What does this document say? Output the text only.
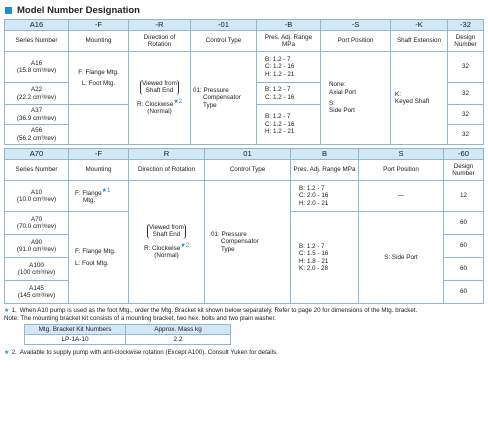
Model Number Designation
A16	-F	-R	-01	-B	-S	-K	-32
Series Number	Mounting	Direction of Rotation	Control Type	Pres. Adj. Range MPa	Port Position	Shaft Extension	Design Number

A16
(15.8 cm³/rev)	F: Flange Mtg.
L: Foot Mtg.	Viewed from
Shaft End
R: Clockwise$^{★2}$
(Normal)	01: Pressure
Compensator
Type	B: 1.2 - 7
C: 1.2 - 16
H: 1.2 - 21	None:
Axial Port
S:
Side Port	K:
Keyed Shaft	32

A22
(22.2 cm³/rev)				B: 1.2 - 7
C: 1.2 - 16			32

A37
(36.9 cm³/rev)				B: 1.2 - 7
C: 1.2 - 16
H: 1.2 - 21			32

A56
(56.2 cm³/rev)							32
A70	-F	R	01	B	S	-60
Series Number	Mounting	Direction of Rotation	Control Type	Pres. Adj. Range MPa	Port Position	Design Number

A10
(10.0 cm³/rev)	F: Flange$^{★1}$
Mtg.	Viewed from
Shaft End
R: Clockwise$^{★2}$
(Normal)	01: Pressure
Compensator
Type	B: 1.2 - 7
C: 2.0 - 16
H: 2.0 - 21	—	12

A70
(70.0 cm³/rev)	F: Flange Mtg.
L: Foot Mtg.			B: 1.2 - 7
C: 1.5 - 16
H: 1.8 - 21
K: 2.0 - 28	S: Side Port	60

A90
(91.0 cm³/rev)						60

A100
(100 cm³/rev)						60

A145
(145 cm³/rev)						60
★ 1. When A10 pump is used as the foot Mtg., order the Mtg. Bracket kit shown below separately. Refer to page 20 for dimensions of the Mtg. bracket.
Note: The mounting bracket kit consists of a mounting bracket, two hex. bolts and two plain washer.
Mtg. Bracket Kit Numbers	Approx. Mass kg
LP-1A-10	2.2
★ 2. Available to supply pump with anti-clockwise rotation (Except A100). Consult Yuken for details.
